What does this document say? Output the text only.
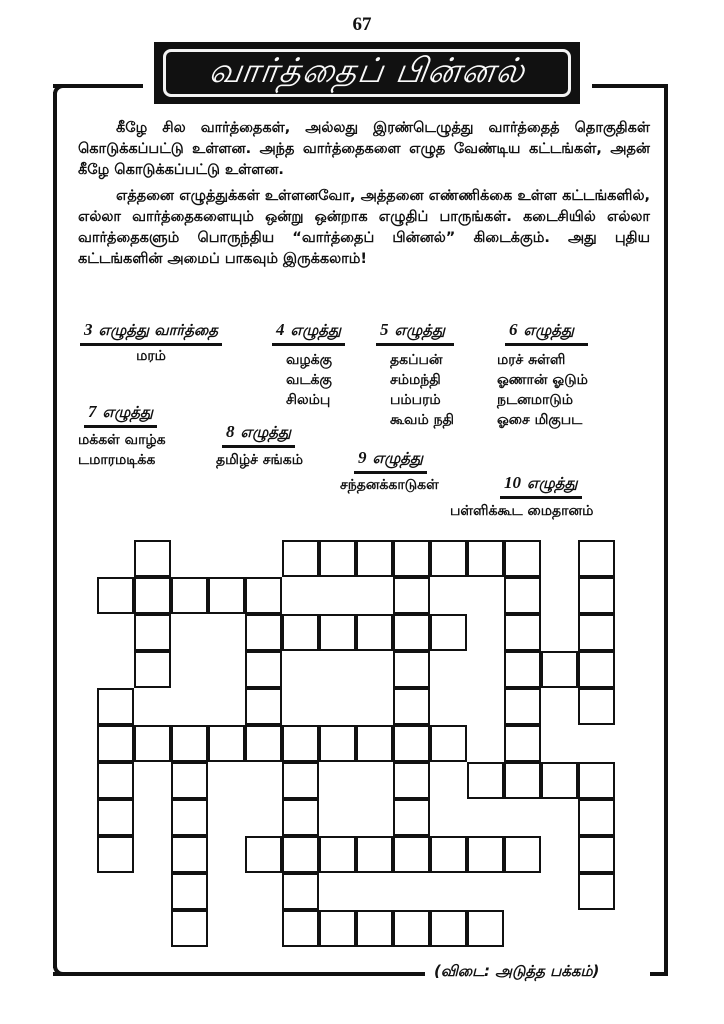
67
வார்த்தைப் பின்னல்

கீழே சில வார்த்தைகள், அல்லது இரண்டெழுத்து வார்த்தைத் தொகுதிகள் கொடுக்கப்பட்டு உள்ளன. அந்த வார்த்தைகளை எழுத வேண்டிய கட்டங்கள், அதன் கீழே கொடுக்கப்பட்டு உள்ளன.

எத்தனை எழுத்துக்கள் உள்ளனவோ, அத்தனை எண்ணிக்கை உள்ள கட்டங்களில், எல்லா வார்த்தைகளையும் ஒன்று ஒன்றாக எழுதிப் பாருங்கள். கடைசியில் எல்லா வார்த்தைகளும் பொருந்திய “வார்த்தைப் பின்னல்” கிடைக்கும். அது புதிய கட்டங்களின் அமைப் பாகவும் இருக்கலாம்!

3 எழுத்து வார்த்தை
மரம்
4 எழுத்து
வழக்கு
வடக்கு
சிலம்பு
5 எழுத்து
தகப்பன்
சம்மந்தி
பம்பரம்
கூவம் நதி
6 எழுத்து
மரச் சுள்ளி
ஓணான் ஓடும்
நடனமாடும்
ஓசை மிகுபட
7 எழுத்து
மக்கள் வாழ்க
டமாரமடிக்க
8 எழுத்து
தமிழ்ச் சங்கம்	9 எழுத்து
சந்தனக்காடுகள்	10 எழுத்து
பள்ளிக்கூட மைதானம்
(விடை: அடுத்த பக்கம்)
